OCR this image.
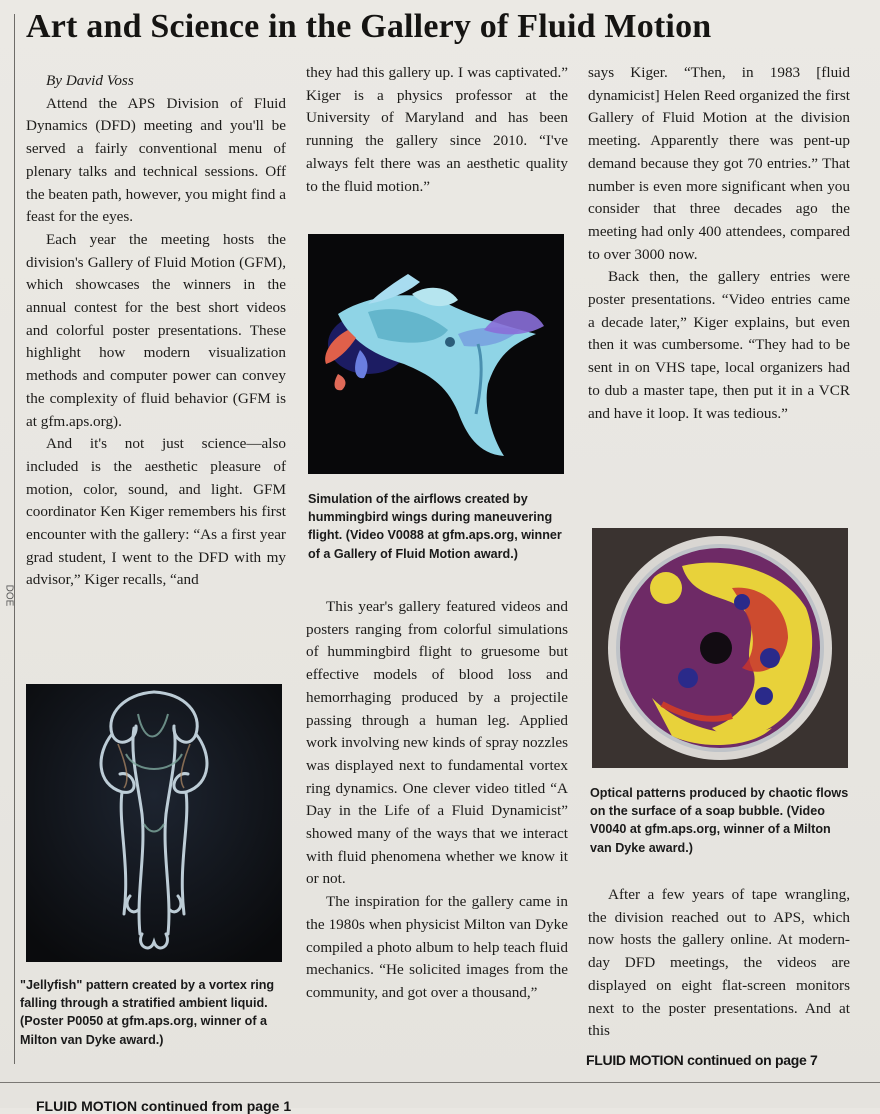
DOE
Art and Science in the Gallery of Fluid Motion

By David Voss

Attend the APS Division of Fluid Dynamics (DFD) meeting and you'll be served a fairly conventional menu of plenary talks and technical sessions. Off the beaten path, however, you might find a feast for the eyes.

Each year the meeting hosts the division's Gallery of Fluid Motion (GFM), which showcases the winners in the annual contest for the best short videos and colorful poster presentations. These highlight how modern visualization methods and computer power can convey the complexity of fluid behavior (GFM is at gfm.aps.org).

And it's not just science—also included is the aesthetic pleasure of motion, color, sound, and light. GFM coordinator Ken Kiger remembers his first encounter with the gallery: “As a first year grad student, I went to the DFD with my advisor,” Kiger recalls, “and

"Jellyfish" pattern created by a vortex ring falling through a stratified ambient liquid. (Poster P0050 at gfm.aps.org, winner of a Milton van Dyke award.)

they had this gallery up. I was captivated.” Kiger is a physics professor at the University of Maryland and has been running the gallery since 2010. “I've always felt there was an aesthetic quality to the fluid motion.”

Simulation of the airflows created by hummingbird wings during maneuvering flight. (Video V0088 at gfm.aps.org, winner of a Gallery of Fluid Motion award.)

This year's gallery featured videos and posters ranging from colorful simulations of hummingbird flight to gruesome but effective models of blood loss and hemorrhaging produced by a projectile passing through a human leg. Applied work involving new kinds of spray nozzles was displayed next to fundamental vortex ring dynamics. One clever video titled “A Day in the Life of a Fluid Dynamicist” showed many of the ways that we interact with fluid phenomena whether we know it or not.

The inspiration for the gallery came in the 1980s when physicist Milton van Dyke compiled a photo album to help teach fluid mechanics. “He solicited images from the community, and got over a thousand,”

says Kiger. “Then, in 1983 [fluid dynamicist] Helen Reed organized the first Gallery of Fluid Motion at the division meeting. Apparently there was pent-up demand because they got 70 entries.” That number is even more significant when you consider that three decades ago the meeting had only 400 attendees, compared to over 3000 now.

Back then, the gallery entries were poster presentations. “Video entries came a decade later,” Kiger explains, but even then it was cumbersome. “They had to be sent in on VHS tape, local organizers had to dub a master tape, then put it in a VCR and have it loop. It was tedious.”

Optical patterns produced by chaotic flows on the surface of a soap bubble. (Video V0040 at gfm.aps.org, winner of a Milton van Dyke award.)

After a few years of tape wrangling, the division reached out to APS, which now hosts the gallery online. At modern-day DFD meetings, the videos are displayed on eight flat-screen monitors next to the poster presentations. And at this

FLUID MOTION continued on page 7
FLUID MOTION continued from page 1
